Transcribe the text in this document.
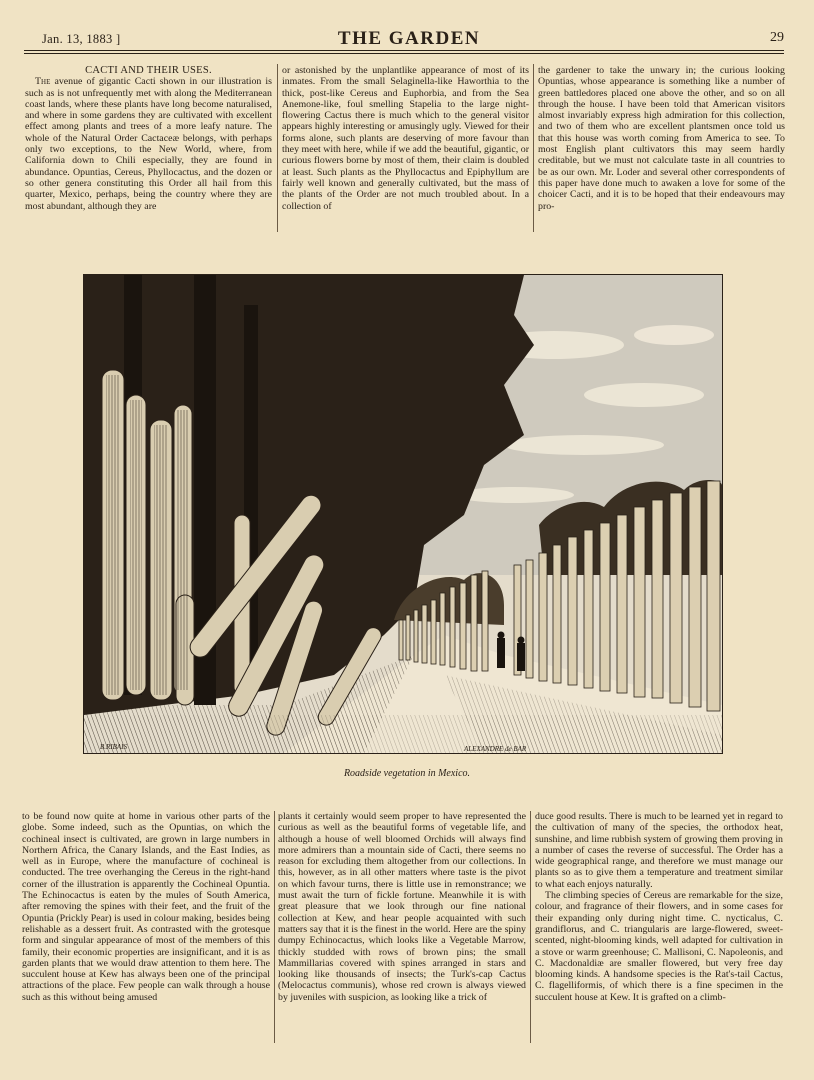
Jan. 13, 1883 ]	THE GARDEN	29

CACTI AND THEIR USES.

The avenue of gigantic Cacti shown in our illustration is such as is not unfrequently met with along the Mediterranean coast lands, where these plants have long become naturalised, and where in some gardens they are cultivated with excellent effect among plants and trees of a more leafy nature. The whole of the Natural Order Cactaceæ belongs, with perhaps only two exceptions, to the New World, where, from California down to Chili especially, they are found in abundance. Opuntias, Cereus, Phyllocactus, and the dozen or so other genera constituting this Order all hail from this quarter, Mexico, perhaps, being the country where they are most abundant, although they are

or astonished by the unplantlike appearance of most of its inmates. From the small Selaginella-like Haworthia to the thick, post-like Cereus and Euphorbia, and from the Sea Anemone-like, foul smelling Stapelia to the large night-flowering Cactus there is much which to the general visitor appears highly interesting or amusingly ugly. Viewed for their forms alone, such plants are deserving of more favour than they meet with here, while if we add the beautiful, gigantic, or curious flowers borne by most of them, their claim is doubled at least. Such plants as the Phyllocactus and Epiphyllum are fairly well known and generally cultivated, but the mass of the plants of the Order are not much troubled about. In a collection of

the gardener to take the unwary in; the curious looking Opuntias, whose appearance is something like a number of green battledores placed one above the other, and so on all through the house. I have been told that American visitors almost invariably express high admiration for this collection, and two of them who are excellent plantsmen once told us that this house was worth coming from America to see. To most English plant cultivators this may seem hardly creditable, but we must not calculate taste in all countries to be as our own. Mr. Loder and several other correspondents of this paper have done much to awaken a love for some of the choicer Cacti, and it is to be hoped that their endeavours may pro-

B.RIBAIS	ALEXANDRE de BAR
Roadside vegetation in Mexico.

to be found now quite at home in various other parts of the globe. Some indeed, such as the Opuntias, on which the cochineal insect is cultivated, are grown in large numbers in Northern Africa, the Canary Islands, and the East Indies, as well as in Europe, where the manufacture of cochineal is conducted. The tree overhanging the Cereus in the right-hand corner of the illustration is apparently the Cochineal Opuntia. The Echinocactus is eaten by the mules of South America, after removing the spines with their feet, and the fruit of the Opuntia (Prickly Pear) is used in colour making, besides being relishable as a dessert fruit. As contrasted with the grotesque form and singular appearance of most of the members of this family, their economic properties are insignificant, and it is as garden plants that we would draw attention to them here. The succulent house at Kew has always been one of the principal attractions of the place. Few people can walk through a house such as this without being amused

plants it certainly would seem proper to have represented the curious as well as the beautiful forms of vegetable life, and although a house of well bloomed Orchids will always find more admirers than a mountain side of Cacti, there seems no reason for excluding them altogether from our collections. In this, however, as in all other matters where taste is the pivot on which favour turns, there is little use in remonstrance; we must await the turn of fickle fortune. Meanwhile it is with great pleasure that we look through our fine national collection at Kew, and hear people acquainted with such matters say that it is the finest in the world. Here are the spiny dumpy Echinocactus, which looks like a Vegetable Marrow, thickly studded with rows of brown pins; the small Mammillarias covered with spines arranged in stars and looking like thousands of insects; the Turk's-cap Cactus (Melocactus communis), whose red crown is always viewed by juveniles with suspicion, as looking like a trick of

duce good results. There is much to be learned yet in regard to the cultivation of many of the species, the orthodox heat, sunshine, and lime rubbish system of growing them proving in a number of cases the reverse of successful. The Order has a wide geographical range, and therefore we must manage our plants so as to give them a temperature and treatment similar to what each enjoys naturally.

The climbing species of Cereus are remarkable for the size, colour, and fragrance of their flowers, and in some cases for their expanding only during night time. C. nycticalus, C. grandiflorus, and C. triangularis are large-flowered, sweet-scented, night-blooming kinds, well adapted for cultivation in a stove or warm greenhouse; C. Mallisoni, C. Napoleonis, and C. Macdonaldiæ are smaller flowered, but very free day blooming kinds. A handsome species is the Rat's-tail Cactus, C. flagelliformis, of which there is a fine specimen in the succulent house at Kew. It is grafted on a climb-
